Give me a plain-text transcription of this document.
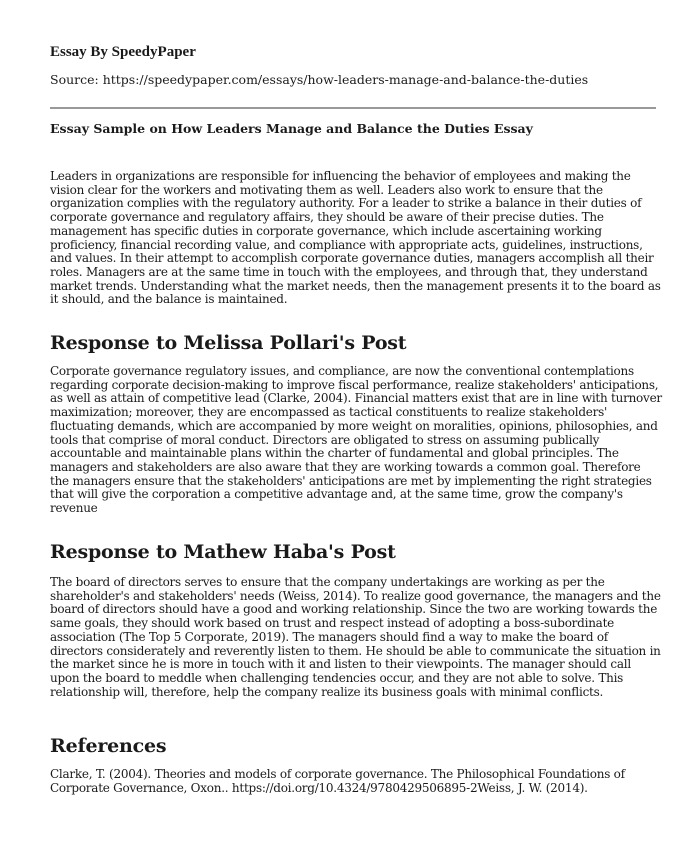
Essay By SpeedyPaper

Source: https://speedypaper.com/essays/how-leaders-manage-and-balance-the-duties

Essay Sample on How Leaders Manage and Balance the Duties Essay

Leaders in organizations are responsible for influencing the behavior of employees and making the vision clear for the workers and motivating them as well. Leaders also work to ensure that the organization complies with the regulatory authority. For a leader to strike a balance in their duties of corporate governance and regulatory affairs, they should be aware of their precise duties. The management has specific duties in corporate governance, which include ascertaining working proficiency, financial recording value, and compliance with appropriate acts, guidelines, instructions, and values. In their attempt to accomplish corporate governance duties, managers accomplish all their roles. Managers are at the same time in touch with the employees, and through that, they understand market trends. Understanding what the market needs, then the management presents it to the board as it should, and the balance is maintained.

Response to Melissa Pollari's Post

Corporate governance regulatory issues, and compliance, are now the conventional contemplations regarding corporate decision-making to improve fiscal performance, realize stakeholders' anticipations, as well as attain of competitive lead (Clarke, 2004). Financial matters exist that are in line with turnover maximization; moreover, they are encompassed as tactical constituents to realize stakeholders' fluctuating demands, which are accompanied by more weight on moralities, opinions, philosophies, and tools that comprise of moral conduct. Directors are obligated to stress on assuming publically accountable and maintainable plans within the charter of fundamental and global principles. The managers and stakeholders are also aware that they are working towards a common goal. Therefore the managers ensure that the stakeholders' anticipations are met by implementing the right strategies that will give the corporation a competitive advantage and, at the same time, grow the company's revenue

Response to Mathew Haba's Post

The board of directors serves to ensure that the company undertakings are working as per the shareholder's and stakeholders' needs (Weiss, 2014). To realize good governance, the managers and the board of directors should have a good and working relationship. Since the two are working towards the same goals, they should work based on trust and respect instead of adopting a boss-subordinate association (The Top 5 Corporate, 2019). The managers should find a way to make the board of directors considerately and reverently listen to them. He should be able to communicate the situation in the market since he is more in touch with it and listen to their viewpoints. The manager should call upon the board to meddle when challenging tendencies occur, and they are not able to solve. This relationship will, therefore, help the company realize its business goals with minimal conflicts.

References

Clarke, T. (2004). Theories and models of corporate governance. The Philosophical Foundations of Corporate Governance, Oxon.. https://doi.org/10.4324/9780429506895-2Weiss, J. W. (2014).
